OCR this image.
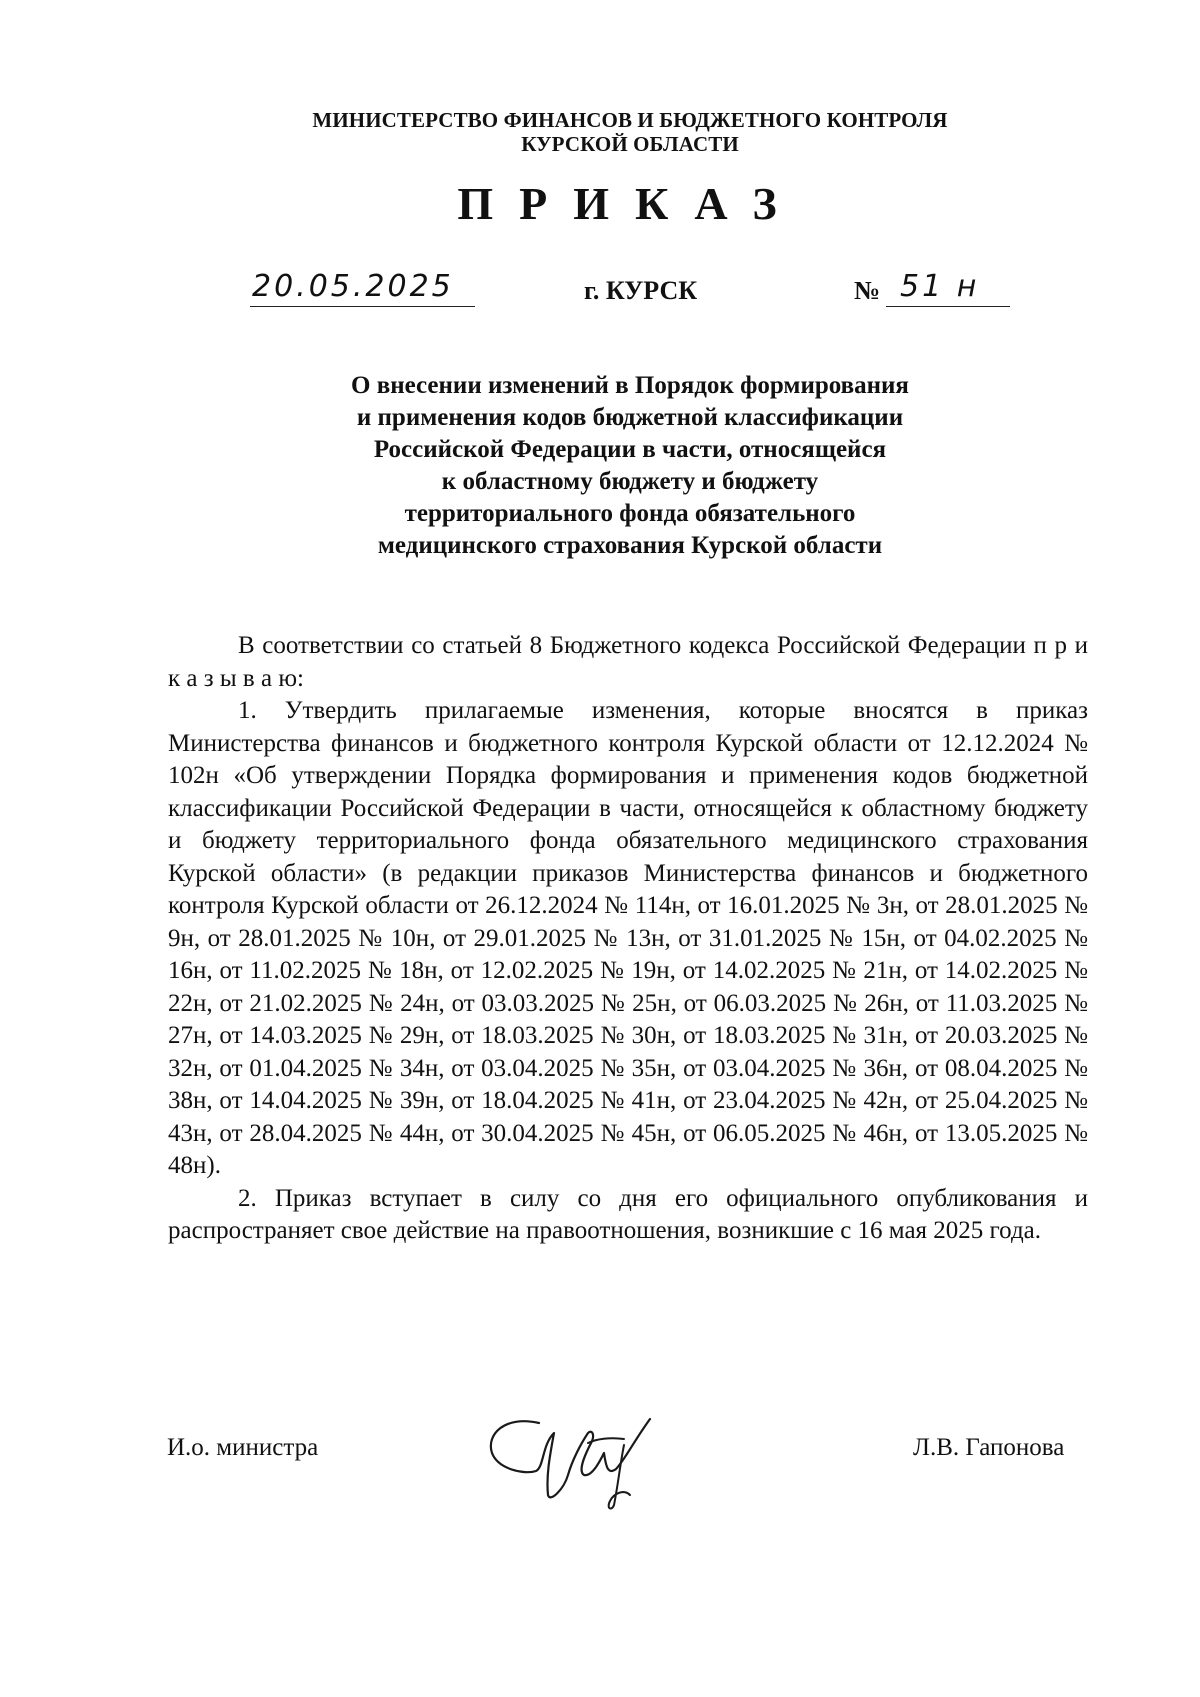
МИНИСТЕРСТВО ФИНАНСОВ И БЮДЖЕТНОГО КОНТРОЛЯ
КУРСКОЙ ОБЛАСТИ
ПРИКАЗ
20.05.2025	г. КУРСК	№ 51 н
О внесении изменений в Порядок формирования
и применения кодов бюджетной классификации
Российской Федерации в части, относящейся
к областному бюджету и бюджету
территориального фонда обязательного
медицинского страхования Курской области

В соответствии со статьей 8 Бюджетного кодекса Российской Федерации п р и к а з ы в а ю:

1. Утвердить прилагаемые изменения, которые вносятся в приказ Министерства финансов и бюджетного контроля Курской области от 12.12.2024 № 102н «Об утверждении Порядка формирования и применения кодов бюджетной классификации Российской Федерации в части, относящейся к областному бюджету и бюджету территориального фонда обязательного медицинского страхования Курской области» (в редакции приказов Министерства финансов и бюджетного контроля Курской области от 26.12.2024 № 114н, от 16.01.2025 № 3н, от 28.01.2025 № 9н, от 28.01.2025 № 10н, от 29.01.2025 № 13н, от 31.01.2025 № 15н, от 04.02.2025 № 16н, от 11.02.2025 № 18н, от 12.02.2025 № 19н, от 14.02.2025 № 21н, от 14.02.2025 № 22н, от 21.02.2025 № 24н, от 03.03.2025 № 25н, от 06.03.2025 № 26н, от 11.03.2025 № 27н, от 14.03.2025 № 29н, от 18.03.2025 № 30н, от 18.03.2025 № 31н, от 20.03.2025 № 32н, от 01.04.2025 № 34н, от 03.04.2025 № 35н, от 03.04.2025 № 36н, от 08.04.2025 № 38н, от 14.04.2025 № 39н, от 18.04.2025 № 41н, от 23.04.2025 № 42н, от 25.04.2025 № 43н, от 28.04.2025 № 44н, от 30.04.2025 № 45н, от 06.05.2025 № 46н, от 13.05.2025 № 48н).

2. Приказ вступает в силу со дня его официального опубликования и распространяет свое действие на правоотношения, возникшие с 16 мая 2025 года.

И.о. министра	Л.В. Гапонова
